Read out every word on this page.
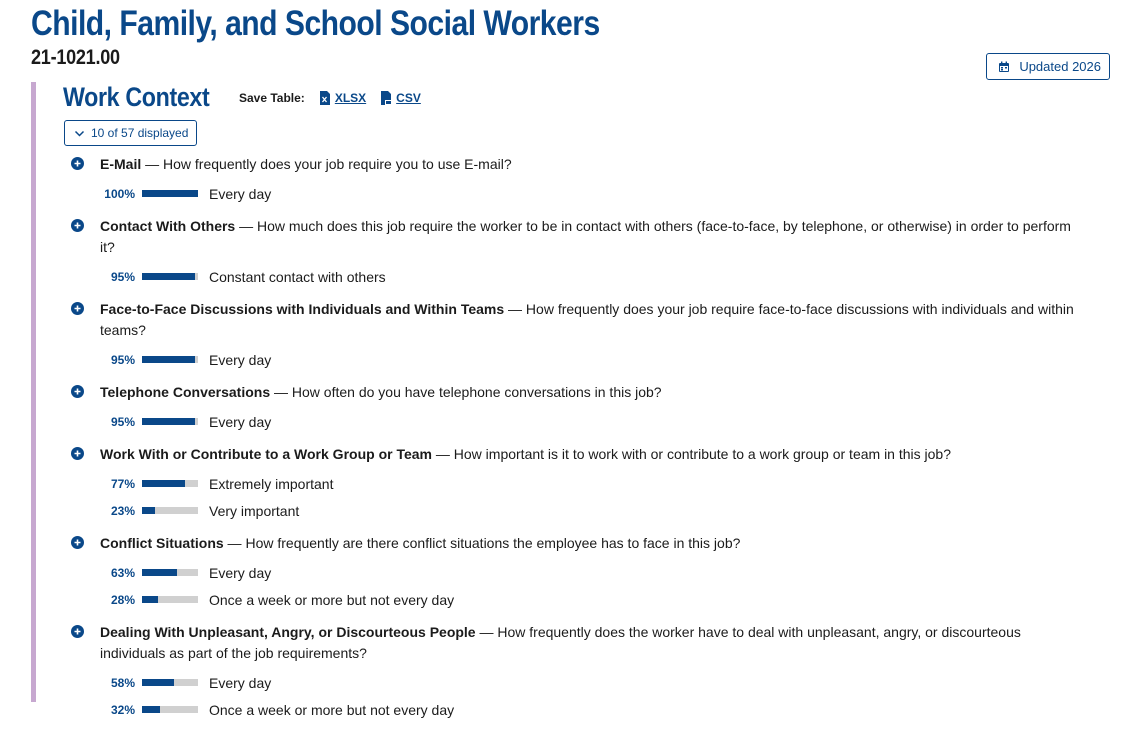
Child, Family, and School Social Workers
21-1021.00	Updated 2026
Work Context Save Table:	XLSX	CSV
10 of 57 displayed
E-Mail — How frequently does your job require you to use E-mail?
100%	Every day
Contact With Others — How much does this job require the worker to be in contact with others (face-to-face, by telephone, or otherwise) in order to perform it?
95%	Constant contact with others
Face-to-Face Discussions with Individuals and Within Teams — How frequently does your job require face-to-face discussions with individuals and within teams?
95%	Every day
Telephone Conversations — How often do you have telephone conversations in this job?
95%	Every day
Work With or Contribute to a Work Group or Team — How important is it to work with or contribute to a work group or team in this job?
77%	Extremely important
23%	Very important
Conflict Situations — How frequently are there conflict situations the employee has to face in this job?
63%	Every day
28%	Once a week or more but not every day
Dealing With Unpleasant, Angry, or Discourteous People — How frequently does the worker have to deal with unpleasant, angry, or discourteous individuals as part of the job requirements?
58%	Every day
32%	Once a week or more but not every day
